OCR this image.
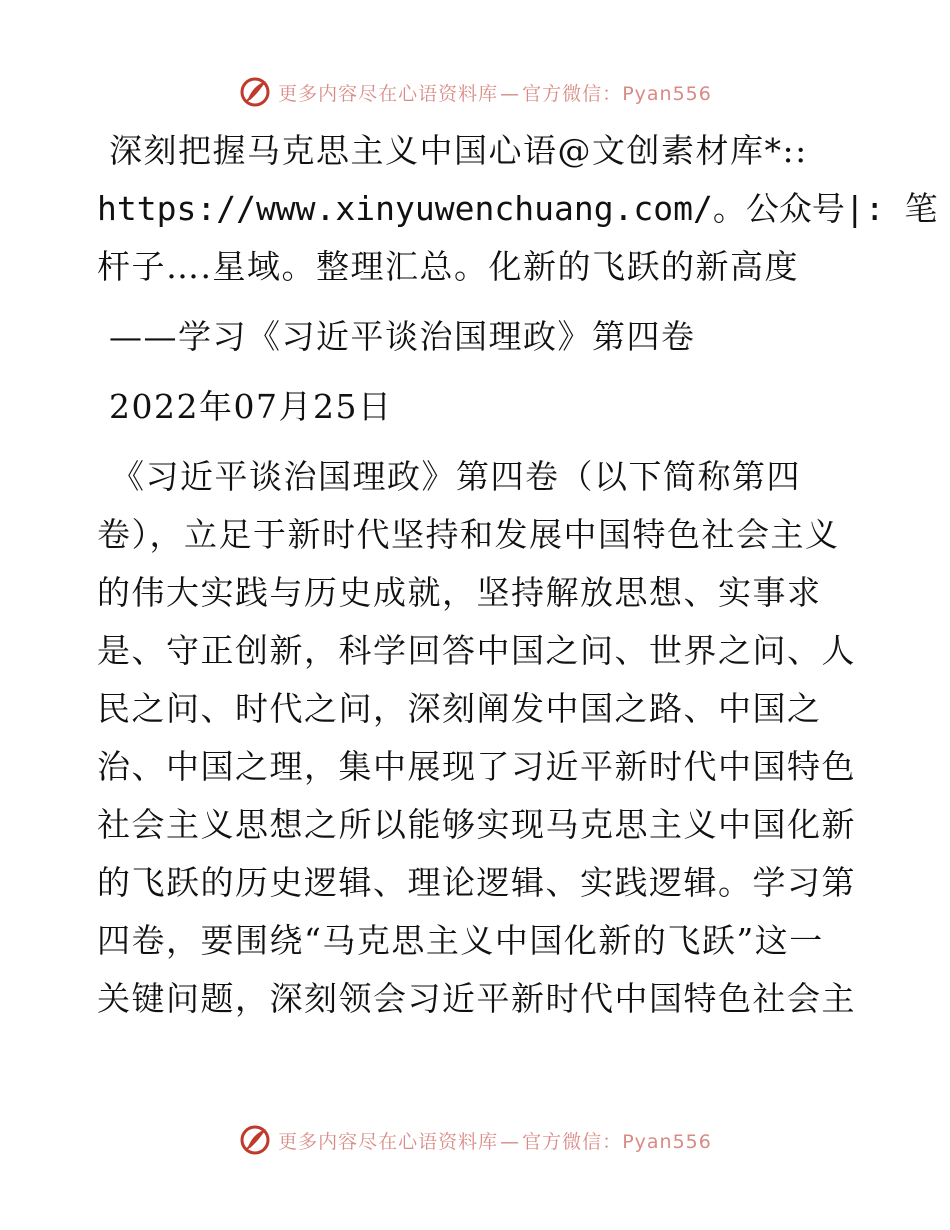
更多内容尽在心语资料库 — 官方微信：Pyan556
深刻把握马克思主义中国心语@文创素材库*::
https://www.xinyuwenchuang.com/。公众号|: 笔
杆子….星域。整理汇总。化新的飞跃的新高度
——学习《习近平谈治国理政》第四卷
2022年07月25日
《习近平谈治国理政》第四卷（以下简称第四
卷），立足于新时代坚持和发展中国特色社会主义
的伟大实践与历史成就，坚持解放思想、实事求
是、守正创新，科学回答中国之问、世界之问、人
民之问、时代之问，深刻阐发中国之路、中国之
治、中国之理，集中展现了习近平新时代中国特色
社会主义思想之所以能够实现马克思主义中国化新
的飞跃的历史逻辑、理论逻辑、实践逻辑。学习第
四卷，要围绕“马克思主义中国化新的飞跃”这一
关键问题，深刻领会习近平新时代中国特色社会主
更多内容尽在心语资料库 — 官方微信：Pyan556
